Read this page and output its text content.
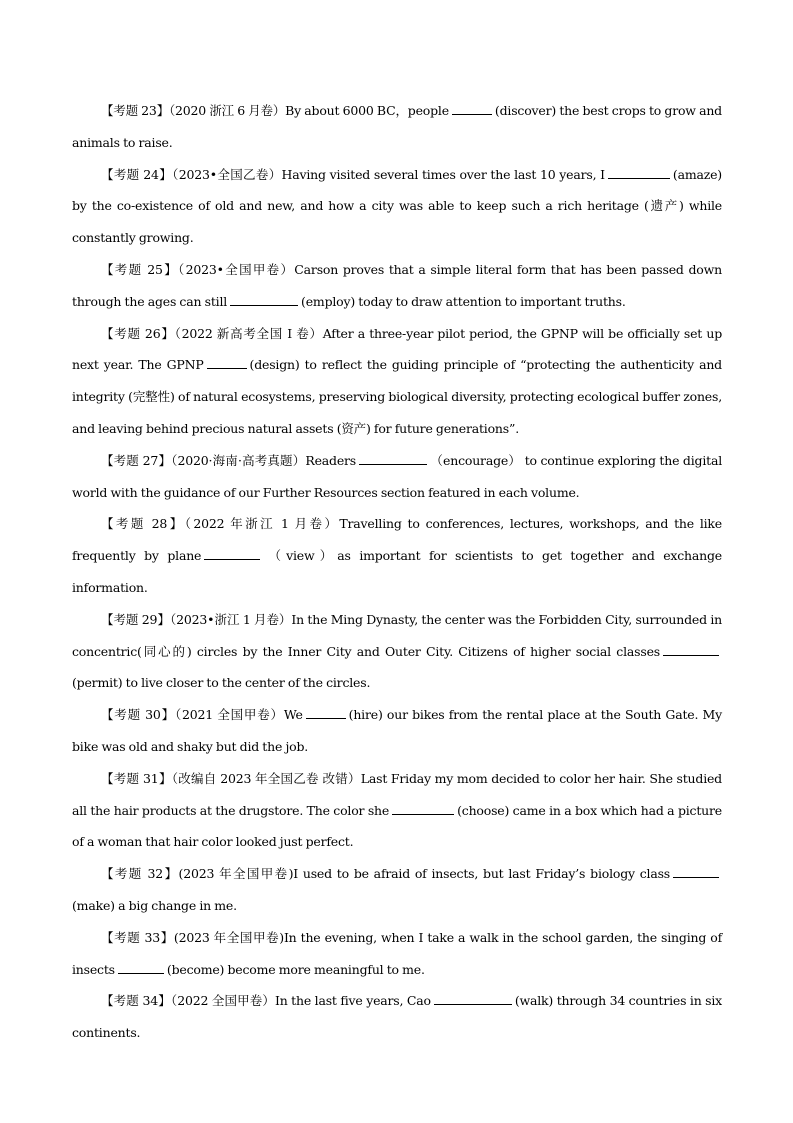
【考题 23】（2020 浙江 6 月卷）By about 6000 BC，people	(discover) the best crops to grow and animals to raise.

【考题 24】（2023•全国乙卷）Having visited several times over the last 10 years, I	(amaze) by the co-existence of old and new, and how a city was able to keep such a rich heritage (遗产) while constantly growing.

【考题 25】（2023•全国甲卷）Carson proves that a simple literal form that has been passed down through the ages can still	(employ) today to draw attention to important truths.

【考题 26】（2022 新高考全国 I 卷）After a three-year pilot period, the GPNP will be officially set up next year. The GPNP	(design) to reflect the guiding principle of “protecting the authenticity and integrity (完整性) of natural ecosystems, preserving biological diversity, protecting ecological buffer zones, and leaving behind precious natural assets (资产) for future generations”.

【考题 27】（2020·海南·高考真题）Readers	（encourage） to continue exploring the digital world with the guidance of our Further Resources section featured in each volume.

【考题 28】（2022 年浙江 1 月卷）Travelling to conferences, lectures, workshops, and the like frequently by plane	（view）as important for scientists to get together and exchange information.

【考题 29】（2023•浙江 1 月卷）In the Ming Dynasty, the center was the Forbidden City, surrounded in concentric(同心的) circles by the Inner City and Outer City. Citizens of higher social classes(permit) to live closer to the center of the circles.

【考题 30】（2021 全国甲卷）We	(hire) our bikes from the rental place at the South Gate. My bike was old and shaky but did the job.

【考题 31】（改编自 2023 年全国乙卷 改错）Last Friday my mom decided to color her hair. She studied all the hair products at the drugstore. The color she	(choose) came in a box which had a picture of a woman that hair color looked just perfect.

【考题 32】(2023 年全国甲卷)I used to be afraid of insects, but last Friday’s biology class(make) a big change in me.

【考题 33】(2023 年全国甲卷)In the evening, when I take a walk in the school garden, the singing of insects	(become) become more meaningful to me.

【考题 34】（2022 全国甲卷）In the last five years, Cao	(walk) through 34 countries in six continents.
